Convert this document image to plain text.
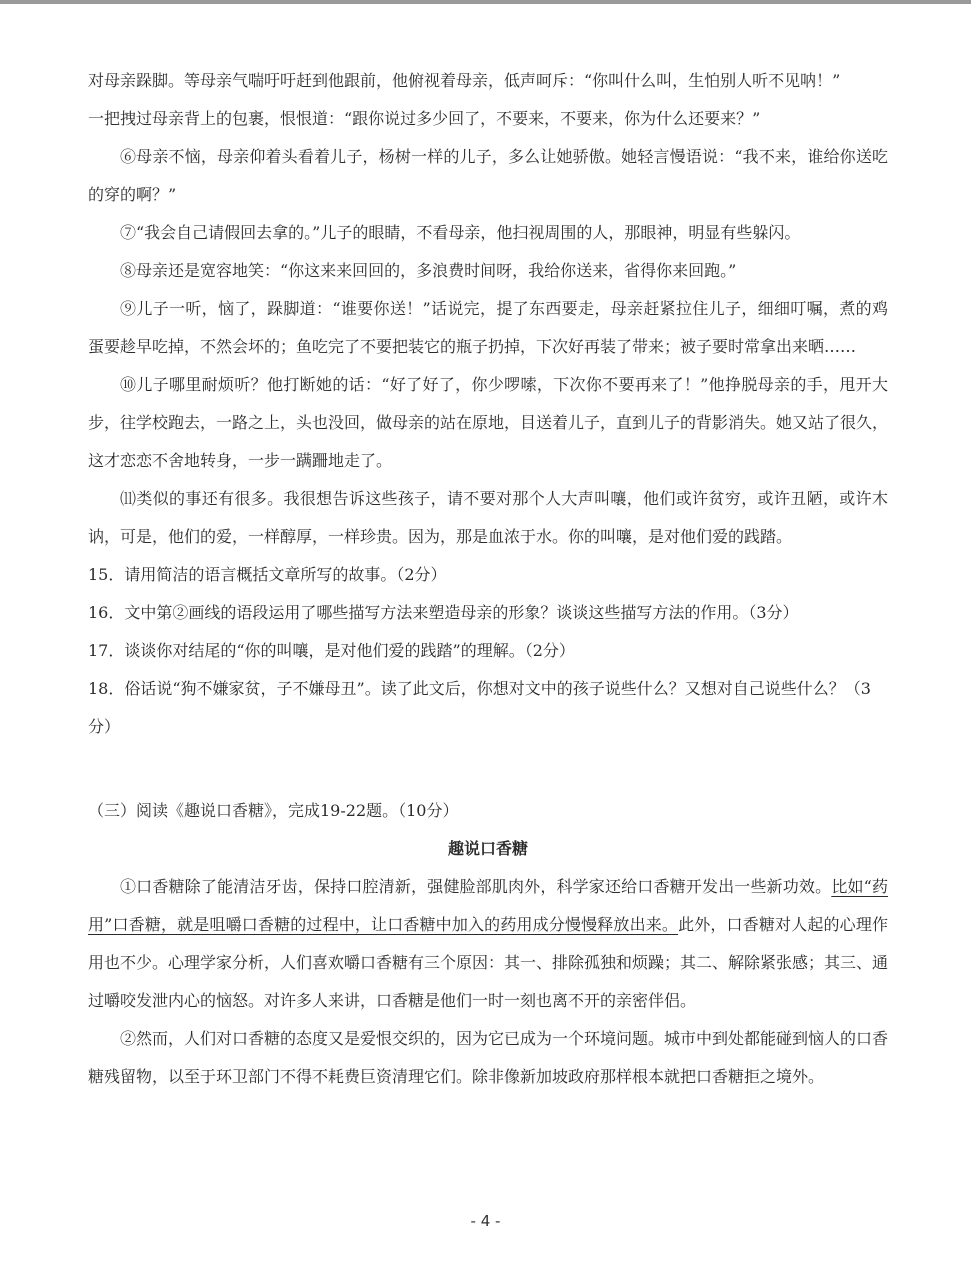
对母亲跺脚。等母亲气喘吁吁赶到他跟前，他俯视着母亲，低声呵斥：“你叫什么叫，生怕别人听不见呐！”

一把拽过母亲背上的包裹，恨恨道：“跟你说过多少回了，不要来，不要来，你为什么还要来？”

⑥母亲不恼，母亲仰着头看着儿子，杨树一样的儿子，多么让她骄傲。她轻言慢语说：“我不来，谁给你送吃的穿的啊？”

⑦“我会自己请假回去拿的。”儿子的眼睛，不看母亲，他扫视周围的人，那眼神，明显有些躲闪。

⑧母亲还是宽容地笑：“你这来来回回的，多浪费时间呀，我给你送来，省得你来回跑。”

⑨儿子一听，恼了，跺脚道：“谁要你送！”话说完，提了东西要走，母亲赶紧拉住儿子，细细叮嘱，煮的鸡蛋要趁早吃掉，不然会坏的；鱼吃完了不要把装它的瓶子扔掉，下次好再装了带来；被子要时常拿出来晒……

⑩儿子哪里耐烦听？他打断她的话：“好了好了，你少啰嗦，下次你不要再来了！”他挣脱母亲的手，甩开大步，往学校跑去，一路之上，头也没回，做母亲的站在原地，目送着儿子，直到儿子的背影消失。她又站了很久，这才恋恋不舍地转身，一步一蹒跚地走了。

⑾类似的事还有很多。我很想告诉这些孩子，请不要对那个人大声叫嚷，他们或许贫穷，或许丑陋，或许木讷，可是，他们的爱，一样醇厚，一样珍贵。因为，那是血浓于水。你的叫嚷，是对他们爱的践踏。

15．请用简洁的语言概括文章所写的故事。（2分）

16．文中第②画线的语段运用了哪些描写方法来塑造母亲的形象？谈谈这些描写方法的作用。（3分）

17．谈谈你对结尾的“你的叫嚷，是对他们爱的践踏”的理解。（2分）

18．俗话说“狗不嫌家贫，子不嫌母丑”。读了此文后，你想对文中的孩子说些什么？又想对自己说些什么？（3分）

（三）阅读《趣说口香糖》，完成19-22题。（10分）

趣说口香糖

①口香糖除了能清洁牙齿，保持口腔清新，强健脸部肌肉外，科学家还给口香糖开发出一些新功效。比如“药用”口香糖，就是咀嚼口香糖的过程中，让口香糖中加入的药用成分慢慢释放出来。此外，口香糖对人起的心理作用也不少。心理学家分析，人们喜欢嚼口香糖有三个原因：其一、排除孤独和烦躁；其二、解除紧张感；其三、通过嚼咬发泄内心的恼怒。对许多人来讲，口香糖是他们一时一刻也离不开的亲密伴侣。

②然而，人们对口香糖的态度又是爱恨交织的，因为它已成为一个环境问题。城市中到处都能碰到恼人的口香糖残留物，以至于环卫部门不得不耗费巨资清理它们。除非像新加坡政府那样根本就把口香糖拒之境外。

- 4 -
